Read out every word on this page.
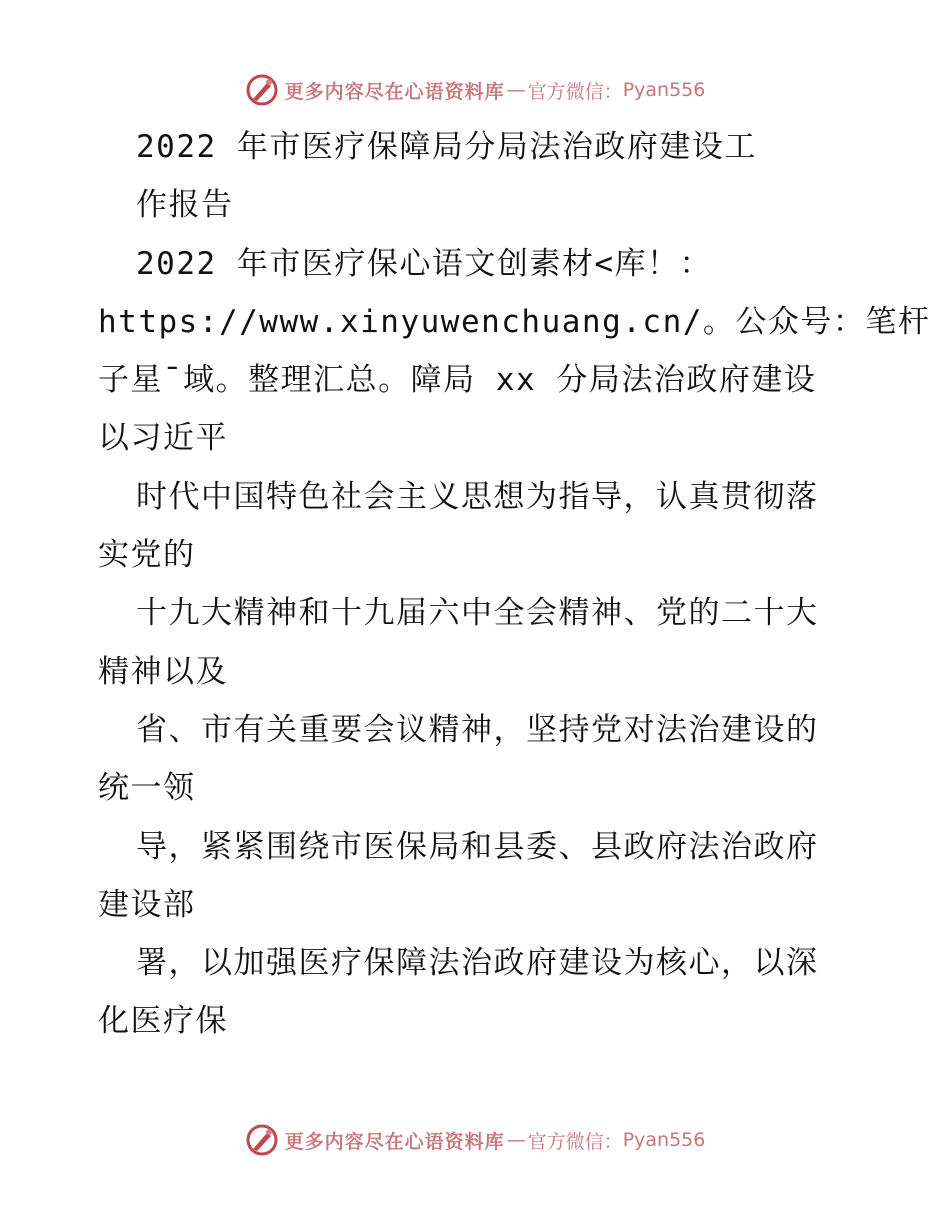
更多内容尽在心语资料库 — 官方微信： Pyan556
2022 年市医疗保障局分局法治政府建设工
作报告
2022 年市医疗保心语文创素材<库！：
https://www.xinyuwenchuang.cn/。公众号：笔杆
子星¯域。整理汇总。障局 xx 分局法治政府建设
以习近平
时代中国特色社会主义思想为指导，认真贯彻落
实党的
十九大精神和十九届六中全会精神、党的二十大
精神以及
省、市有关重要会议精神，坚持党对法治建设的
统一领
导，紧紧围绕市医保局和县委、县政府法治政府
建设部
署，以加强医疗保障法治政府建设为核心，以深
化医疗保
更多内容尽在心语资料库 — 官方微信： Pyan556
